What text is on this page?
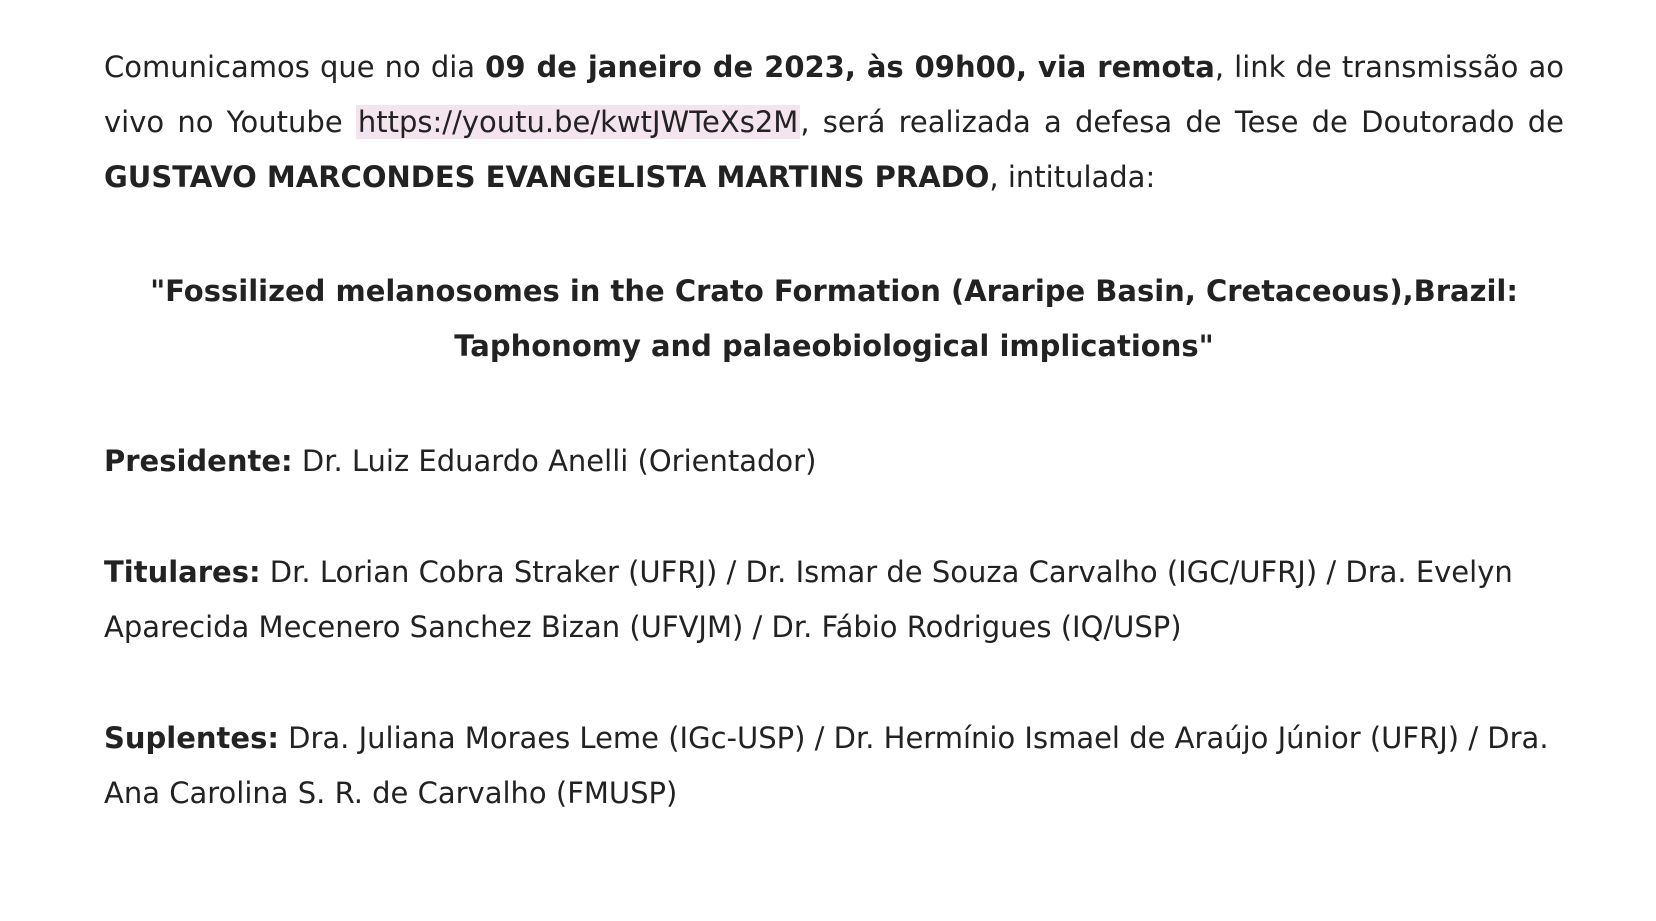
Comunicamos que no dia 09 de janeiro de 2023, às 09h00, via remota, link de transmissão ao vivo no Youtube https://youtu.be/kwtJWTeXs2M, será realizada a defesa de Tese de Doutorado de GUSTAVO MARCONDES EVANGELISTA MARTINS PRADO, intitulada:

"Fossilized melanosomes in the Crato Formation (Araripe Basin, Cretaceous),Brazil:
Taphonomy and palaeobiological implications"

Presidente: Dr. Luiz Eduardo Anelli (Orientador)

Titulares: Dr. Lorian Cobra Straker (UFRJ) / Dr. Ismar de Souza Carvalho (IGC/UFRJ) / Dra. Evelyn Aparecida Mecenero Sanchez Bizan (UFVJM) / Dr. Fábio Rodrigues (IQ/USP)

Suplentes: Dra. Juliana Moraes Leme (IGc-USP) / Dr. Hermínio Ismael de Araújo Júnior (UFRJ) / Dra. Ana Carolina S. R. de Carvalho (FMUSP)
